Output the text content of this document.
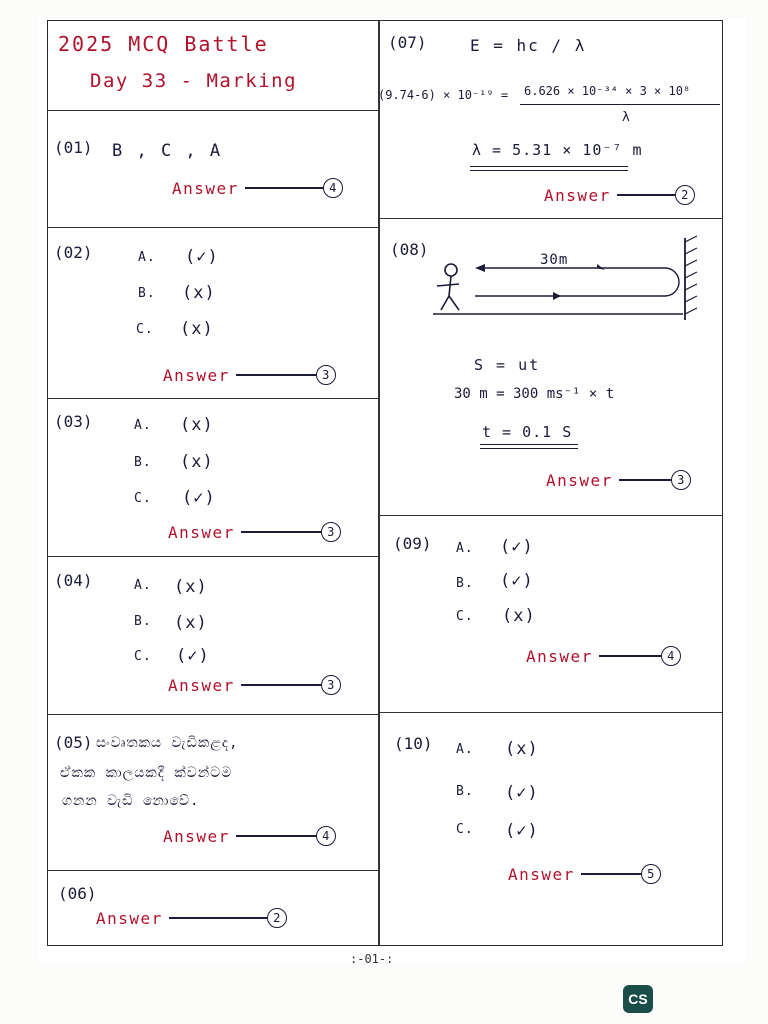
2025 MCQ Battle
Day 33 - Marking
(01) B , C , A
Answer	4
(02)	A. (✓)
B. (x)
C. (x)
Answer	3
(03)	A. (x)
B. (x)
C. (✓)
Answer	3
(04)	A. (x)
B. (x)
C. (✓)
Answer	3
(05) සංවෘතකය වැඩිකළද,
ඒකක කාලයකදී ක්වන්ටම
ගනන වැඩි නොවේ.
Answer	4
(06)
Answer	2
(07)	E = hc / λ
(9.74-6) × 10⁻¹⁹ = 6.626 × 10⁻³⁴ × 3 × 10⁸
λ
λ = 5.31 × 10⁻⁷ m
Answer	2
(08)
30m
S = ut
30 m = 300 ms⁻¹ × t
t = 0.1 S
Answer	3
(09) A. (✓)
B. (✓)
C. (x)
Answer	4
(10) A. (x)
B. (✓)
C. (✓)
Answer	5
:-01-:
CS
